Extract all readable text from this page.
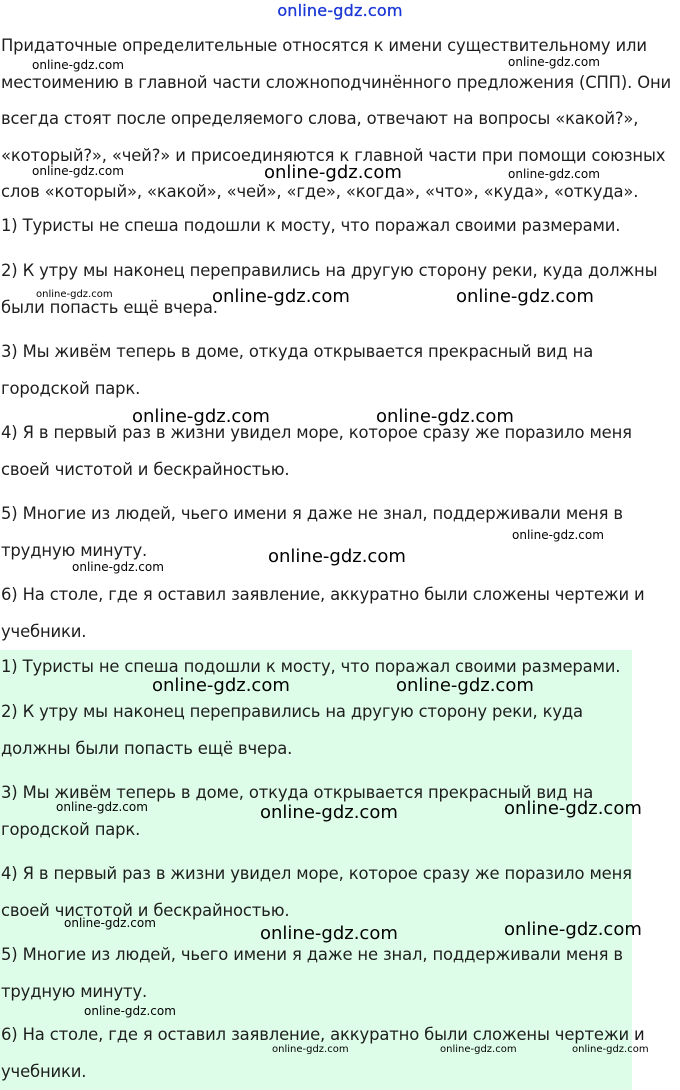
online-gdz.com
Придаточные определительные относятся к имени существительному или
местоимению в главной части сложноподчинённого предложения (СПП). Они
всегда стоят после определяемого слова, отвечают на вопросы «какой?»,
«который?», «чей?» и присоединяются к главной части при помощи союзных
слов «который», «какой», «чей», «где», «когда», «что», «куда», «откуда».
1) Туристы не спеша подошли к мосту, что поражал своими размерами.
2) К утру мы наконец переправились на другую сторону реки, куда должны
были попасть ещё вчера.
3) Мы живём теперь в доме, откуда открывается прекрасный вид на
городской парк.
4) Я в первый раз в жизни увидел море, которое сразу же поразило меня
своей чистотой и бескрайностью.
5) Многие из людей, чьего имени я даже не знал, поддерживали меня в
трудную минуту.
6) На столе, где я оставил заявление, аккуратно были сложены чертежи и
учебники.
1) Туристы не спеша подошли к мосту, что поражал своими размерами.
2) К утру мы наконец переправились на другую сторону реки, куда
должны были попасть ещё вчера.
3) Мы живём теперь в доме, откуда открывается прекрасный вид на
городской парк.
4) Я в первый раз в жизни увидел море, которое сразу же поразило меня
своей чистотой и бескрайностью.
5) Многие из людей, чьего имени я даже не знал, поддерживали меня в
трудную минуту.
6) На столе, где я оставил заявление, аккуратно были сложены чертежи и
учебники.
online-gdz.com	online-gdz.com
online-gdz.com
online-gdz.com	online-gdz.com
online-gdz.com	online-gdz.com	online-gdz.com
online-gdz.com	online-gdz.com
online-gdz.com
online-gdz.com
online-gdz.com
online-gdz.com	online-gdz.com
online-gdz.com	online-gdz.com	online-gdz.com
online-gdz.com	online-gdz.com	online-gdz.com
online-gdz.com
online-gdz.com	online-gdz.com	online-gdz.com
